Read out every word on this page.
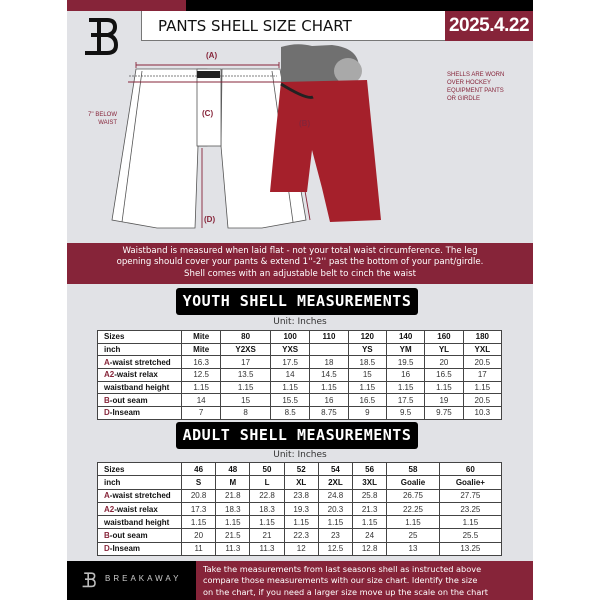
PANTS SHELL SIZE CHART	2025.4.22
(A)
(C)
(B)
(D)
7'' BELOW
WAIST
SHELLS ARE WORN
OVER HOCKEY
EQUIPMENT PANTS
OR GIRDLE
Waistband is measured when laid flat - not your total waist circumference. The leg
opening should cover your pants & extend 1''-2'' past the bottom of your pant/girdle.
Shell comes with an adjustable belt to cinch the waist
YOUTH SHELL MEASUREMENTS
Unit: Inches
Sizes	Mite	80	100	110	120	140	160	180
inch	Mite	Y2XS	YXS		YS	YM	YL	YXL
A-waist stretched	16.3	17	17.5	18	18.5	19.5	20	20.5
A2-waist relax	12.5	13.5	14	14.5	15	16	16.5	17
waistband height	1.15	1.15	1.15	1.15	1.15	1.15	1.15	1.15
B-out seam	14	15	15.5	16	16.5	17.5	19	20.5
D-Inseam	7	8	8.5	8.75	9	9.5	9.75	10.3
ADULT SHELL MEASUREMENTS
Unit: Inches
Sizes	46	48	50	52	54	56	58	60
inch	S	M	L	XL	2XL	3XL	Goalie	Goalie+
A-waist stretched	20.8	21.8	22.8	23.8	24.8	25.8	26.75	27.75
A2-waist relax	17.3	18.3	18.3	19.3	20.3	21.3	22.25	23.25
waistband height	1.15	1.15	1.15	1.15	1.15	1.15	1.15	1.15
B-out seam	20	21.5	21	22.3	23	24	25	25.5
D-Inseam	11	11.3	11.3	12	12.5	12.8	13	13.25
Take the measurements from last seasons shell as instructed above
compare those measurements with our size chart. Identify the size
on the chart, if you need a larger size move up the scale on the chart
BREAKAWAY
